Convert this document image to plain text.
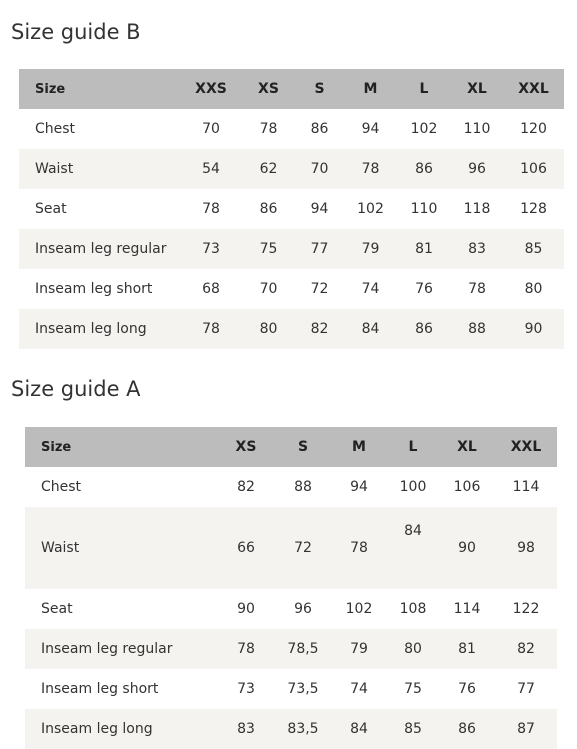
Size guide B
Size	XXS	XS	S	M	L	XL	XXL
Chest	70	78	86	94	102	110	120
Waist	54	62	70	78	86	96	106
Seat	78	86	94	102	110	118	128
Inseam leg regular	73	75	77	79	81	83	85
Inseam leg short	68	70	72	74	76	78	80
Inseam leg long	78	80	82	84	86	88	90
Size guide A
Size	XS	S	M	L	XL	XXL
Chest	82	88	94	100	106	114
Waist	66	72	78	84	90	98
Seat	90	96	102	108	114	122
Inseam leg regular	78	78,5	79	80	81	82
Inseam leg short	73	73,5	74	75	76	77
Inseam leg long	83	83,5	84	85	86	87
